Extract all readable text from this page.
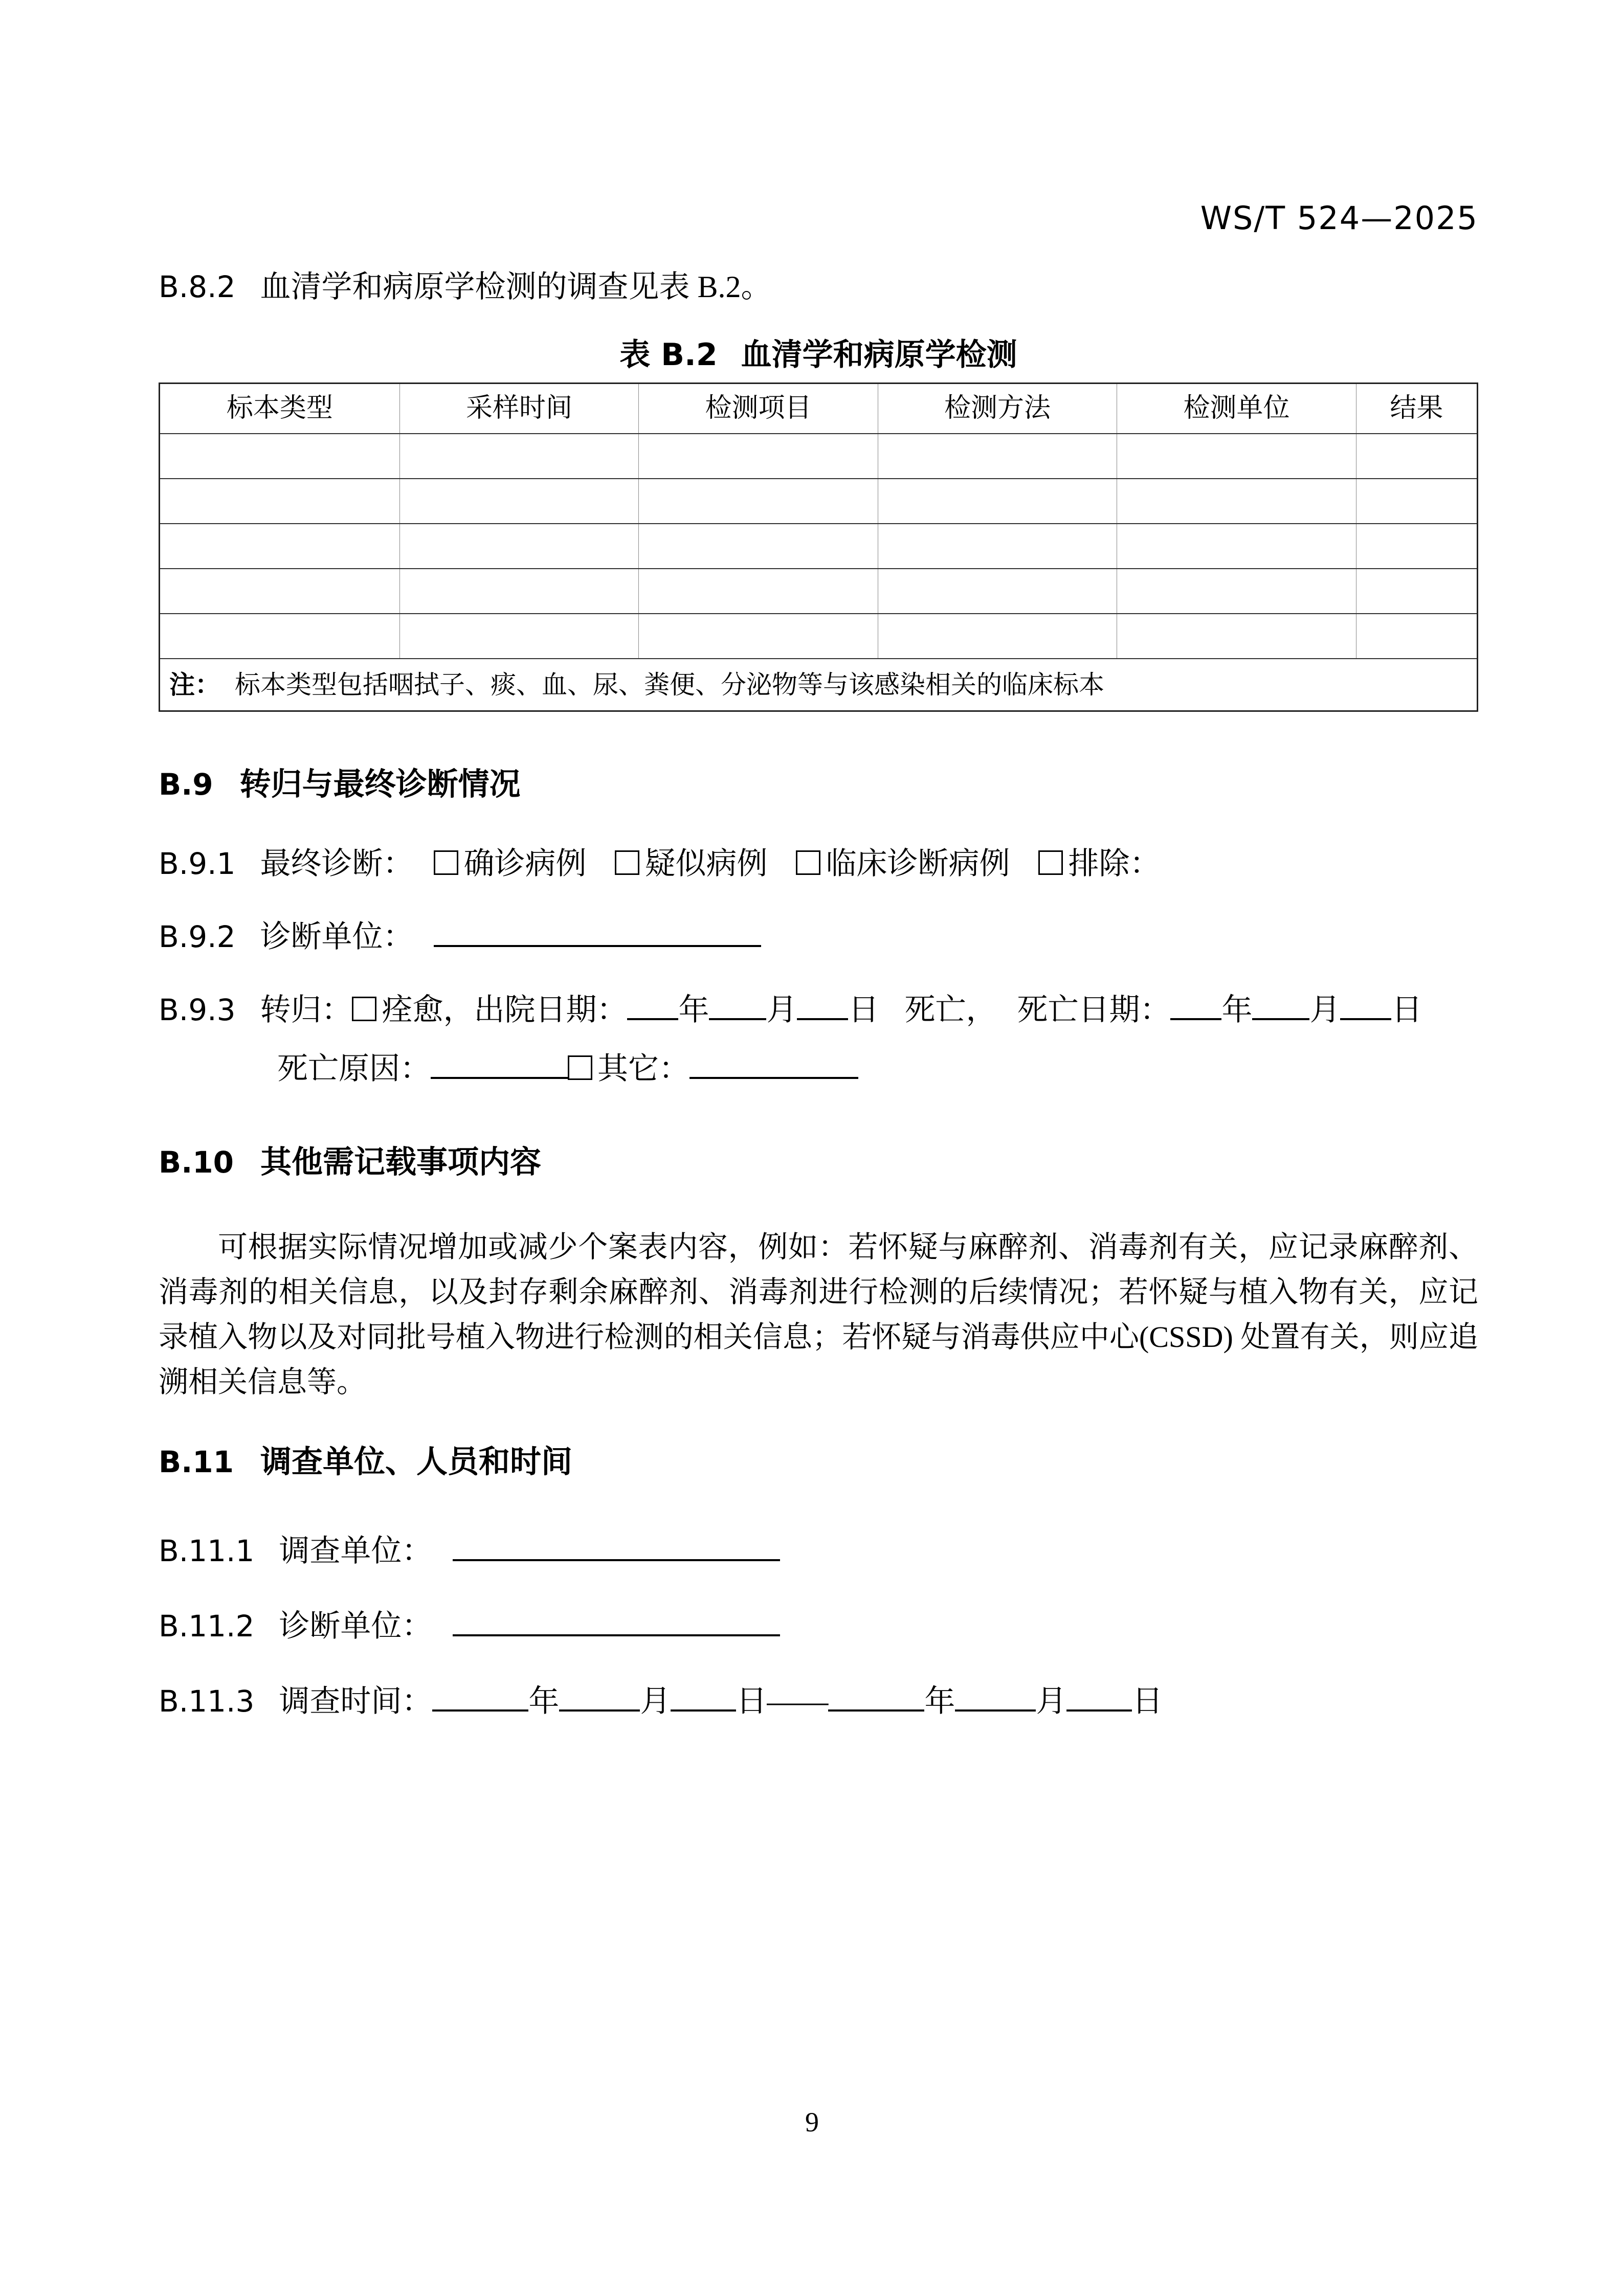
WS/T 524—2025
B.8.2 血清学和病原学检测的调查见表 B.2。
表 B.2 血清学和病原学检测
标本类型	采样时间	检测项目	检测方法	检测单位	结果

注： 标本类型包括咽拭子、痰、血、尿、粪便、分泌物等与该感染相关的临床标本					
B.9 转归与最终诊断情况
B.9.1 最终诊断： 确诊病例 疑似病例 临床诊断病例 排除：
B.9.2 诊断单位：
B.9.3 转归： 痊愈，出院日期： 年 月 日 死亡， 死亡日期： 年 月 日
死亡原因：	其它：
B.10 其他需记载事项内容
可根据实际情况增加或减少个案表内容，例如：若怀疑与麻醉剂、消毒剂有关，应记录麻醉剂、消毒剂的相关信息，以及封存剩余麻醉剂、消毒剂进行检测的后续情况；若怀疑与植入物有关，应记录植入物以及对同批号植入物进行检测的相关信息；若怀疑与消毒供应中心(CSSD) 处置有关，则应追溯相关信息等。
B.11 调查单位、人员和时间
B.11.1 调查单位：
B.11.2 诊断单位：
B.11.3 调查时间：	年	月 日——	年	月 日
9
